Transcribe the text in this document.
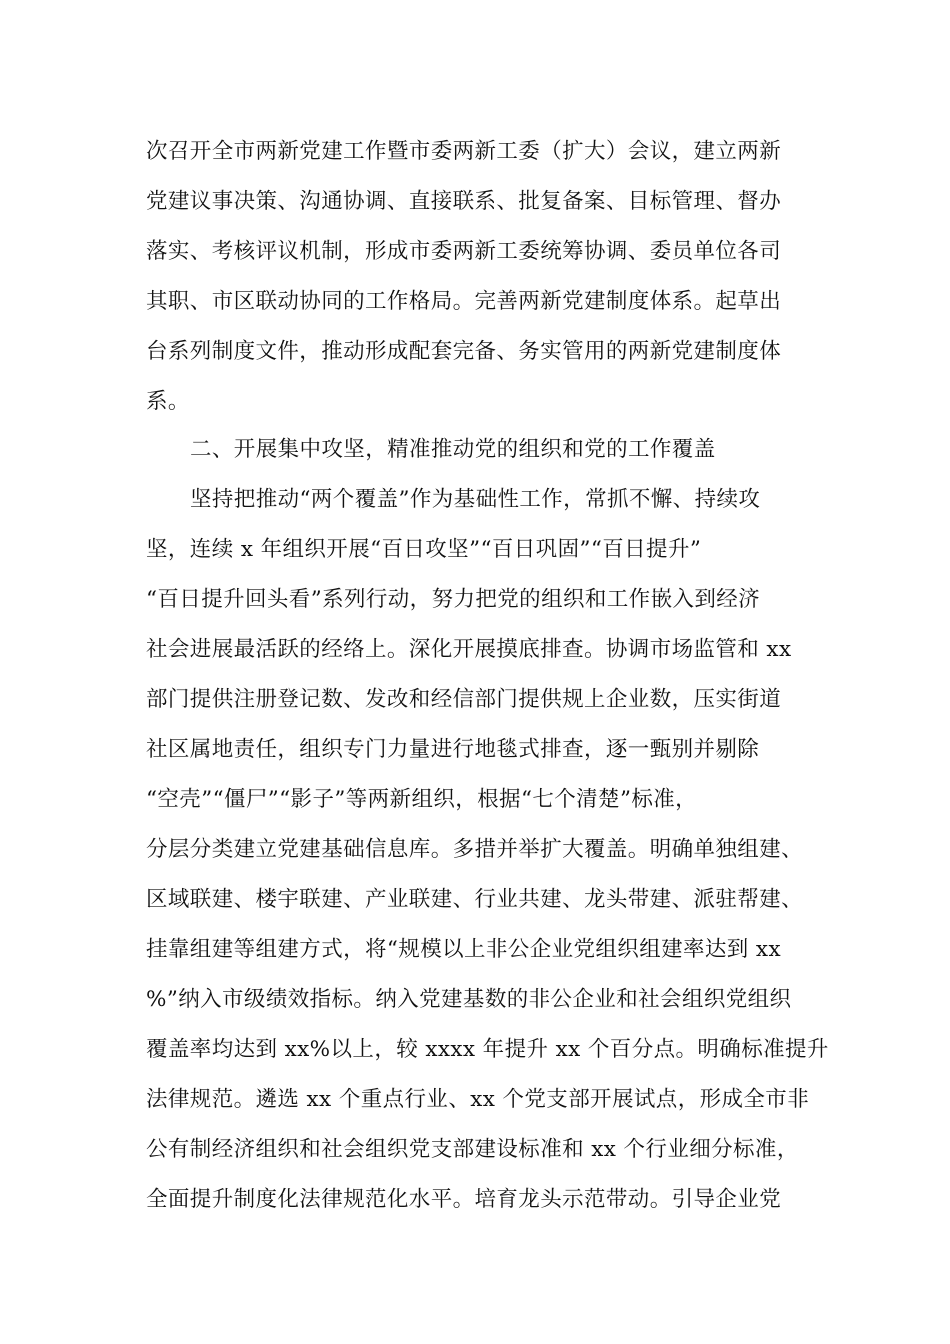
次召开全市两新党建工作暨市委两新工委（扩大）会议，建立两新
党建议事决策、沟通协调、直接联系、批复备案、目标管理、督办
落实、考核评议机制，形成市委两新工委统筹协调、委员单位各司
其职、市区联动协同的工作格局。完善两新党建制度体系。起草出
台系列制度文件，推动形成配套完备、务实管用的两新党建制度体
系。
二、开展集中攻坚，精准推动党的组织和党的工作覆盖
坚持把推动“两个覆盖”作为基础性工作，常抓不懈、持续攻
坚，连续 x 年组织开展“百日攻坚”“百日巩固”“百日提升”
“百日提升回头看”系列行动，努力把党的组织和工作嵌入到经济
社会进展最活跃的经络上。深化开展摸底排查。协调市场监管和 xx
部门提供注册登记数、发改和经信部门提供规上企业数，压实街道
社区属地责任，组织专门力量进行地毯式排查，逐一甄别并剔除
“空壳”“僵尸”“影子”等两新组织，根据“七个清楚”标准，
分层分类建立党建基础信息库。多措并举扩大覆盖。明确单独组建、
区域联建、楼宇联建、产业联建、行业共建、龙头带建、派驻帮建、
挂靠组建等组建方式，将“规模以上非公企业党组织组建率达到 xx
%”纳入市级绩效指标。纳入党建基数的非公企业和社会组织党组织
覆盖率均达到 xx%以上，较 xxxx 年提升 xx 个百分点。明确标准提升
法律规范。遴选 xx 个重点行业、xx 个党支部开展试点，形成全市非
公有制经济组织和社会组织党支部建设标准和 xx 个行业细分标准，
全面提升制度化法律规范化水平。培育龙头示范带动。引导企业党
